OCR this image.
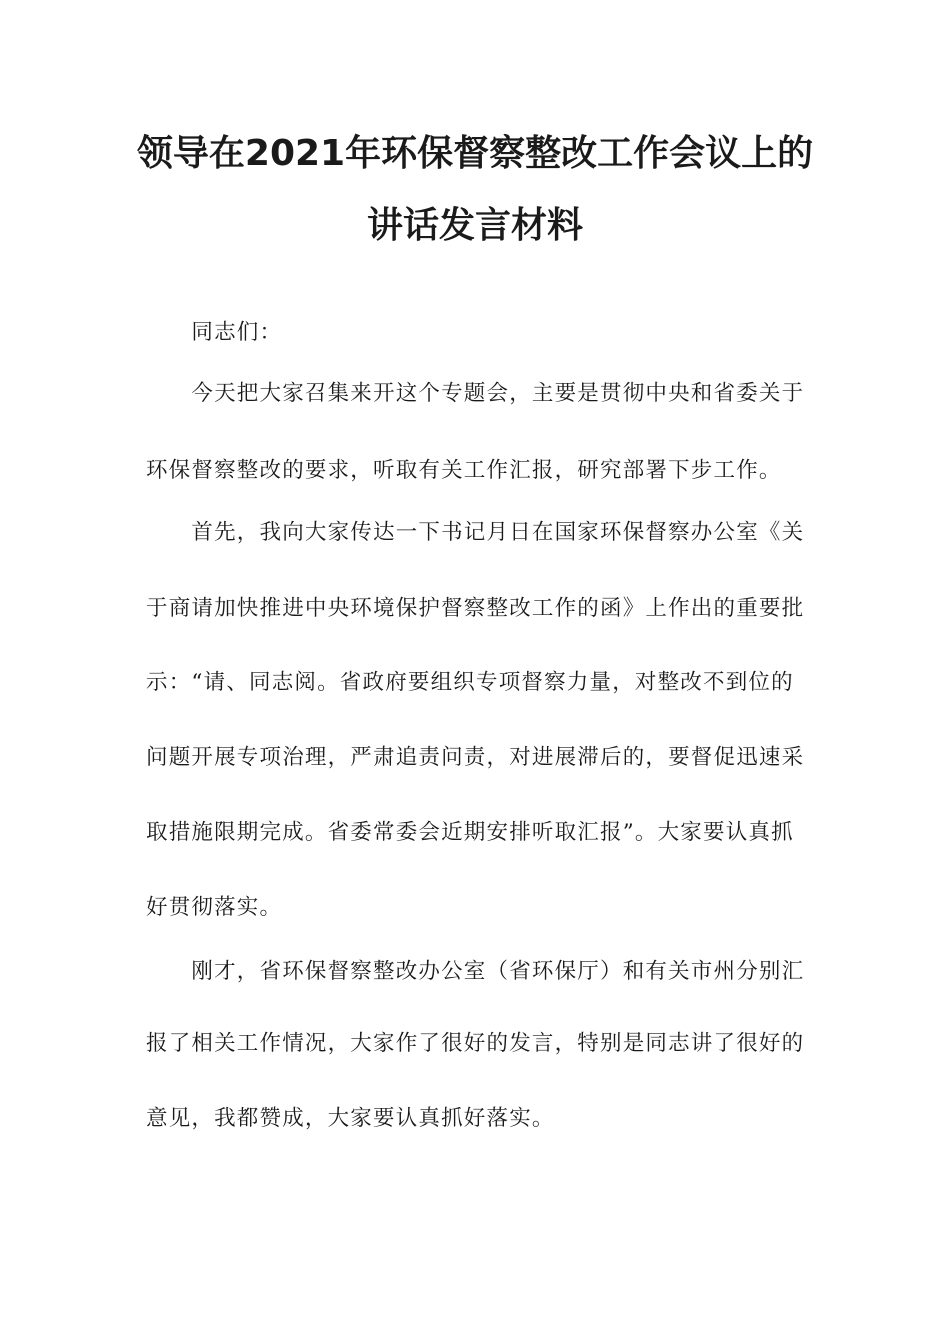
领导在2021年环保督察整改工作会议上的
讲话发言材料
　　同志们：
　　今天把大家召集来开这个专题会，主要是贯彻中央和省委关于
环保督察整改的要求，听取有关工作汇报，研究部署下步工作。
　　首先，我向大家传达一下书记月日在国家环保督察办公室《关
于商请加快推进中央环境保护督察整改工作的函》上作出的重要批
示：“请、同志阅。省政府要组织专项督察力量，对整改不到位的
问题开展专项治理，严肃追责问责，对进展滞后的，要督促迅速采
取措施限期完成。省委常委会近期安排听取汇报”。大家要认真抓
好贯彻落实。
　　刚才，省环保督察整改办公室（省环保厅）和有关市州分别汇
报了相关工作情况，大家作了很好的发言，特别是同志讲了很好的
意见，我都赞成，大家要认真抓好落实。
